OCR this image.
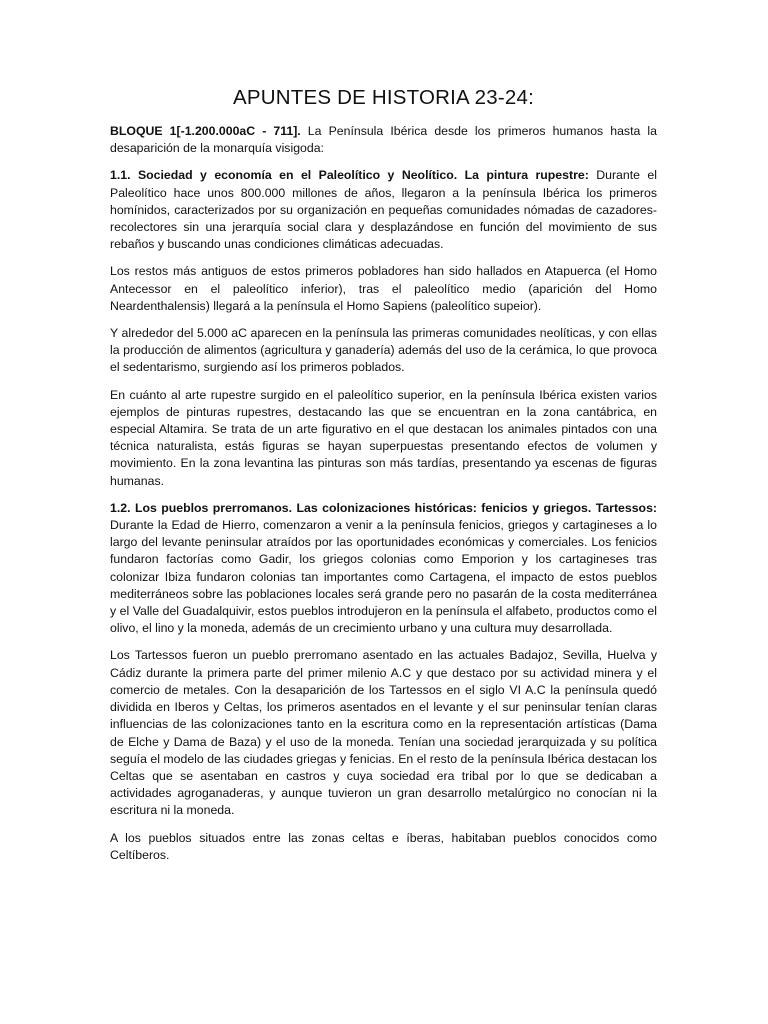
APUNTES DE HISTORIA 23-24:

BLOQUE 1[-1.200.000aC - 711]. La Península Ibérica desde los primeros humanos hasta la desaparición de la monarquía visigoda:

1.1. Sociedad y economía en el Paleolítico y Neolítico. La pintura rupestre: Durante el Paleolítico hace unos 800.000 millones de años, llegaron a la península Ibérica los primeros homínidos, caracterizados por su organización en pequeñas comunidades nómadas de cazadores-recolectores sin una jerarquía social clara y desplazándose en función del movimiento de sus rebaños y buscando unas condiciones climáticas adecuadas.

Los restos más antiguos de estos primeros pobladores han sido hallados en Atapuerca (el Homo Antecessor en el paleolítico inferior), tras el paleolítico medio (aparición del Homo Neardenthalensis) llegará a la península el Homo Sapiens (paleolítico supeior).

Y alrededor del 5.000 aC aparecen en la península las primeras comunidades neolíticas, y con ellas la producción de alimentos (agricultura y ganadería) además del uso de la cerámica, lo que provoca el sedentarismo, surgiendo así los primeros poblados.

En cuánto al arte rupestre surgido en el paleolítico superior, en la península Ibérica existen varios ejemplos de pinturas rupestres, destacando las que se encuentran en la zona cantábrica, en especial Altamira. Se trata de un arte figurativo en el que destacan los animales pintados con una técnica naturalista, estás figuras se hayan superpuestas presentando efectos de volumen y movimiento. En la zona levantina las pinturas son más tardías, presentando ya escenas de figuras humanas.

1.2. Los pueblos prerromanos. Las colonizaciones históricas: fenicios y griegos. Tartessos: Durante la Edad de Hierro, comenzaron a venir a la península fenicios, griegos y cartagineses a lo largo del levante peninsular atraídos por las oportunidades económicas y comerciales. Los fenicios fundaron factorías como Gadir, los griegos colonias como Emporion y los cartagineses tras colonizar Ibiza fundaron colonias tan importantes como Cartagena, el impacto de estos pueblos mediterráneos sobre las poblaciones locales será grande pero no pasarán de la costa mediterránea y el Valle del Guadalquivir, estos pueblos introdujeron en la península el alfabeto, productos como el olivo, el lino y la moneda, además de un crecimiento urbano y una cultura muy desarrollada.

Los Tartessos fueron un pueblo prerromano asentado en las actuales Badajoz, Sevilla, Huelva y Cádiz durante la primera parte del primer milenio A.C y que destaco por su actividad minera y el comercio de metales. Con la desaparición de los Tartessos en el siglo VI A.C la península quedó dividida en Iberos y Celtas, los primeros asentados en el levante y el sur peninsular tenían claras influencias de las colonizaciones tanto en la escritura como en la representación artísticas (Dama de Elche y Dama de Baza) y el uso de la moneda. Tenían una sociedad jerarquizada y su política seguía el modelo de las ciudades griegas y fenicias. En el resto de la península Ibérica destacan los Celtas que se asentaban en castros y cuya sociedad era tribal por lo que se dedicaban a actividades agroganaderas, y aunque tuvieron un gran desarrollo metalúrgico no conocían ni la escritura ni la moneda.

A los pueblos situados entre las zonas celtas e íberas, habitaban pueblos conocidos como Celtíberos.
